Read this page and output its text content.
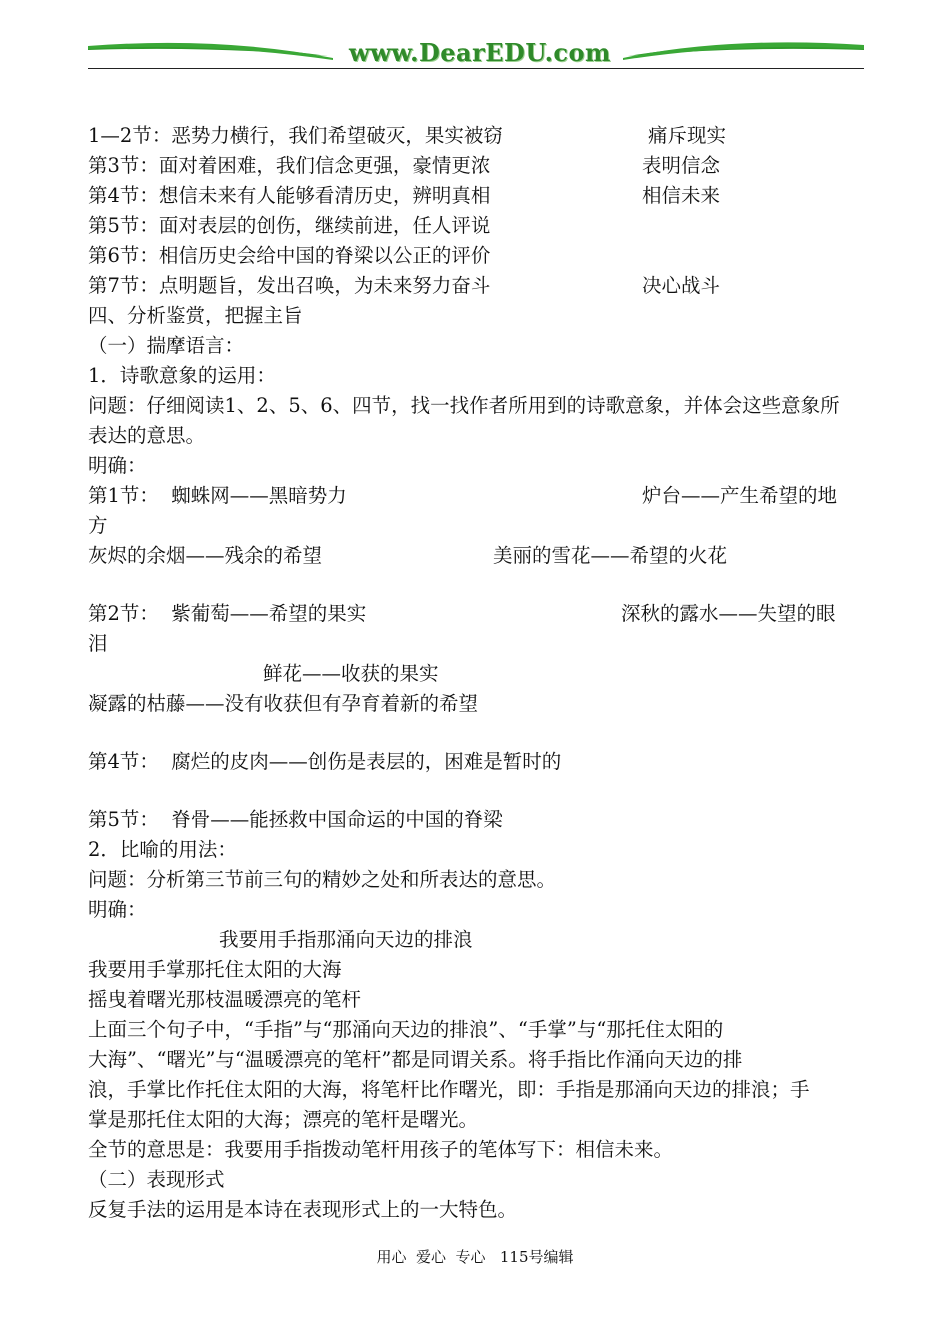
www.DearEDU.com
1—2节：恶势力横行，我们希望破灭，果实被窃	痛斥现实
第3节：面对着困难，我们信念更强，豪情更浓	表明信念
第4节：想信未来有人能够看清历史，辨明真相	相信未来
第5节：面对表层的创伤，继续前进，任人评说
第6节：相信历史会给中国的脊梁以公正的评价
第7节：点明题旨，发出召唤，为未来努力奋斗	决心战斗
四、分析鉴赏，把握主旨
（一）揣摩语言：
1．诗歌意象的运用：
问题：仔细阅读1、2、5、6、四节，找一找作者所用到的诗歌意象，并体会这些意象所
表达的意思。
明确：
第1节：  蜘蛛网——黑暗势力	炉台——产生希望的地
方
灰烬的余烟——残余的希望	美丽的雪花——希望的火花
第2节：  紫葡萄——希望的果实	深秋的露水——失望的眼
泪
鲜花——收获的果实
凝露的枯藤——没有收获但有孕育着新的希望
第4节：  腐烂的皮肉——创伤是表层的，困难是暂时的
第5节：  脊骨——能拯救中国命运的中国的脊梁
2．比喻的用法：
问题：分析第三节前三句的精妙之处和所表达的意思。
明确：
我要用手指那涌向天边的排浪
我要用手掌那托住太阳的大海
摇曳着曙光那枝温暖漂亮的笔杆
上面三个句子中，“手指”与“那涌向天边的排浪”、“手掌”与“那托住太阳的
大海”、“曙光”与“温暖漂亮的笔杆”都是同谓关系。将手指比作涌向天边的排
浪，手掌比作托住太阳的大海，将笔杆比作曙光，即：手指是那涌向天边的排浪；手
掌是那托住太阳的大海；漂亮的笔杆是曙光。
全节的意思是：我要用手指拨动笔杆用孩子的笔体写下：相信未来。
（二）表现形式
反复手法的运用是本诗在表现形式上的一大特色。
用心  爱心  专心   115号编辑
